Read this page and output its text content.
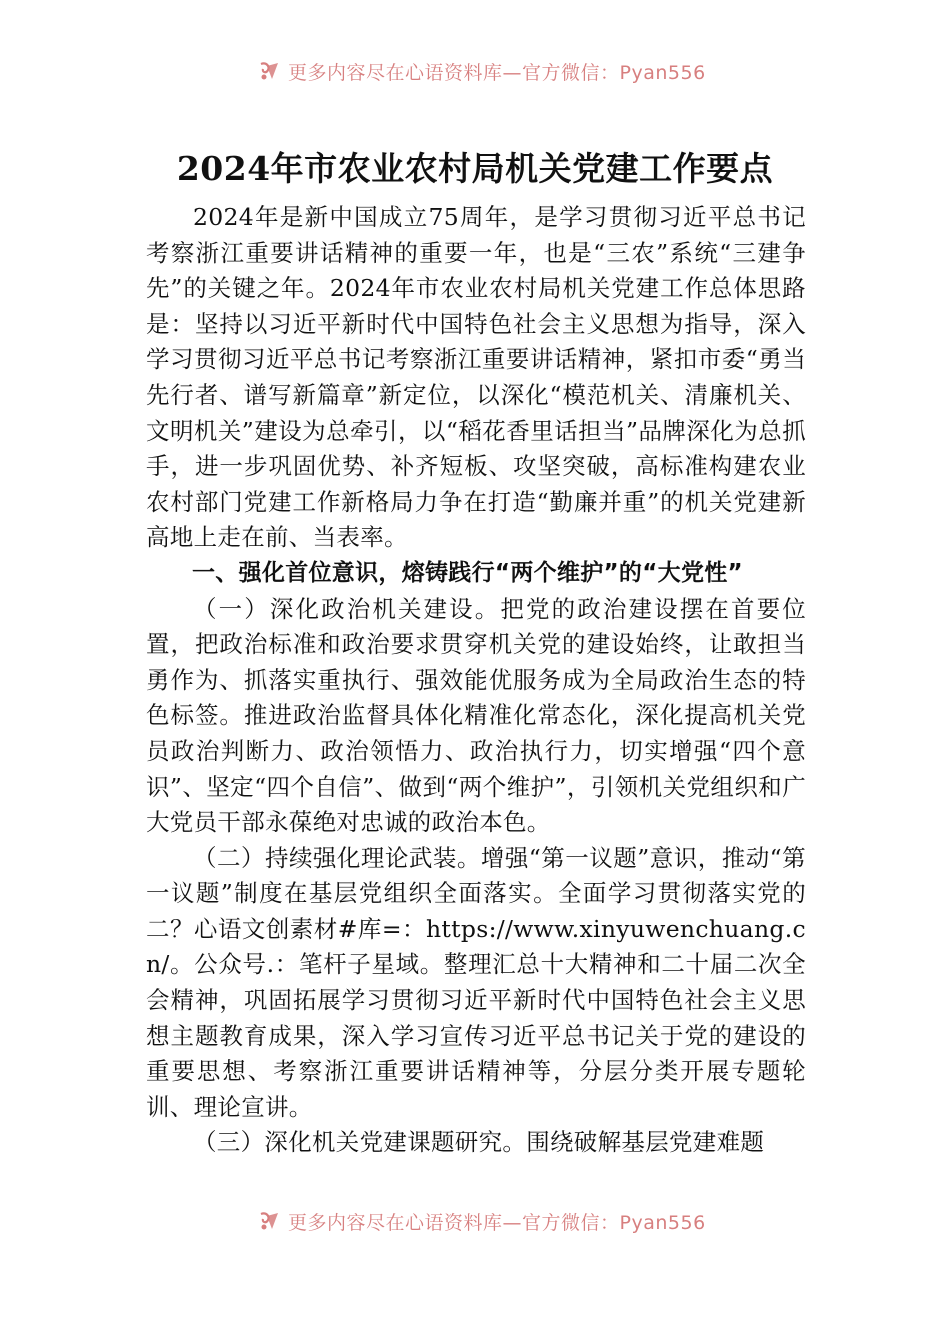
更多内容尽在心语资料库—官方微信：Pyan556
2024年市农业农村局机关党建工作要点

2024年是新中国成立75周年，是学习贯彻习近平总书记考察浙江重要讲话精神的重要一年，也是“三农”系统“三建争先”的关键之年。2024年市农业农村局机关党建工作总体思路是：坚持以习近平新时代中国特色社会主义思想为指导，深入学习贯彻习近平总书记考察浙江重要讲话精神，紧扣市委“勇当先行者、谱写新篇章”新定位，以深化“模范机关、清廉机关、文明机关”建设为总牵引，以“稻花香里话担当”品牌深化为总抓手，进一步巩固优势、补齐短板、攻坚突破，高标准构建农业农村部门党建工作新格局力争在打造“勤廉并重”的机关党建新高地上走在前、当表率。

一、强化首位意识，熔铸践行“两个维护”的“大党性”

（一）深化政治机关建设。把党的政治建设摆在首要位置，把政治标准和政治要求贯穿机关党的建设始终，让敢担当勇作为、抓落实重执行、强效能优服务成为全局政治生态的特色标签。推进政治监督具体化精准化常态化，深化提高机关党员政治判断力、政治领悟力、政治执行力，切实增强“四个意识”、坚定“四个自信”、做到“两个维护”，引领机关党组织和广大党员干部永葆绝对忠诚的政治本色。

（二）持续强化理论武装。增强“第一议题”意识，推动“第一议题”制度在基层党组织全面落实。全面学习贯彻落实党的二？心语文创素材#库=：https://www.xinyuwenchuang.cn/。公众号.：笔杆子星域。整理汇总十大精神和二十届二次全会精神，巩固拓展学习贯彻习近平新时代中国特色社会主义思想主题教育成果，深入学习宣传习近平总书记关于党的建设的重要思想、考察浙江重要讲话精神等，分层分类开展专题轮训、理论宣讲。

（三）深化机关党建课题研究。围绕破解基层党建难题

更多内容尽在心语资料库—官方微信：Pyan556
